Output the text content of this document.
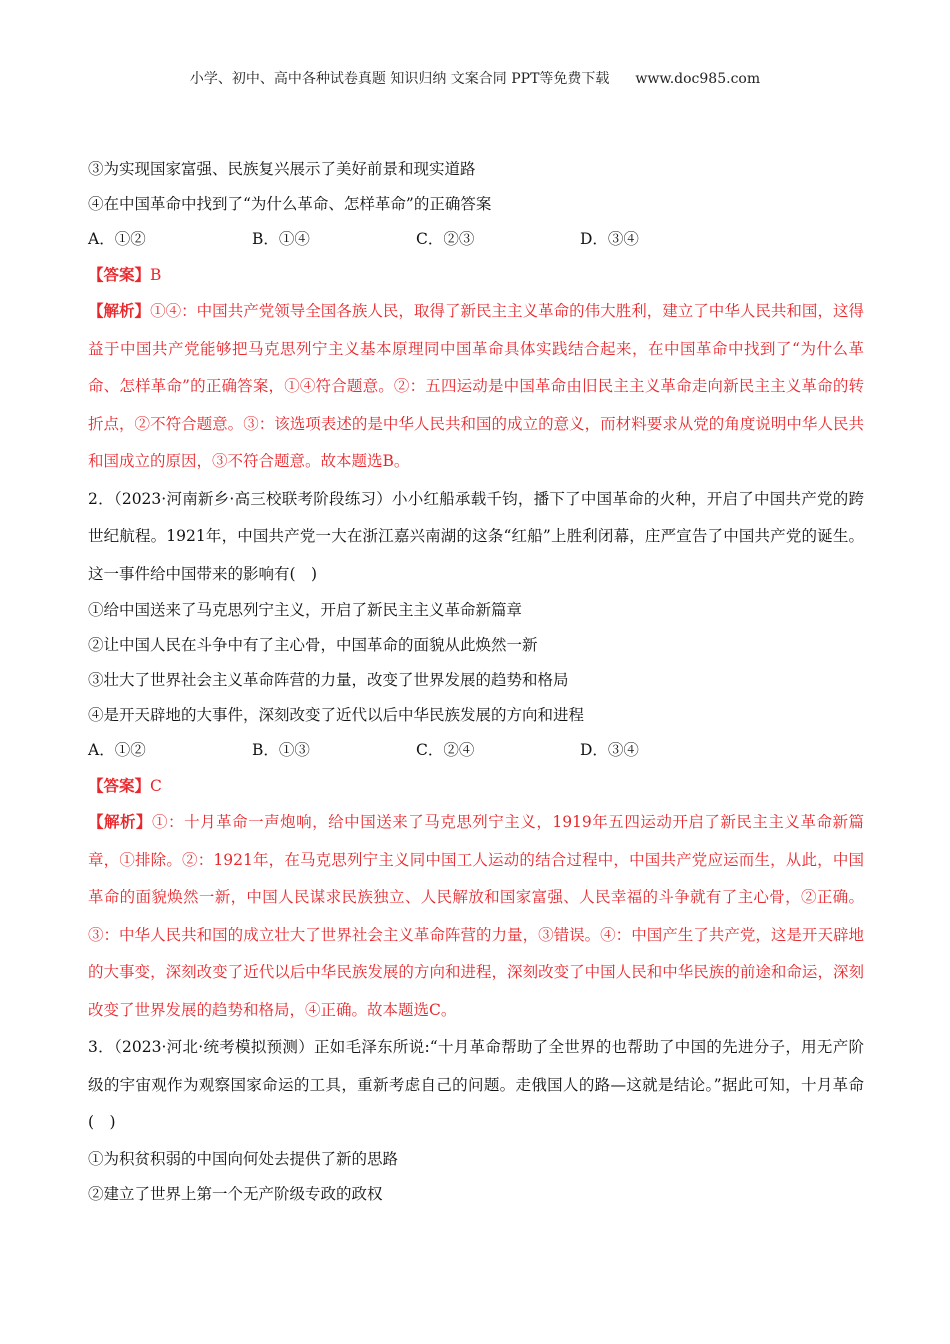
小学、初中、高中各种试卷真题 知识归纳 文案合同 PPT等免费下载 www.doc985.com
③为实现国家富强、民族复兴展示了美好前景和现实道路
④在中国革命中找到了“为什么革命、怎样革命”的正确答案
A．①②	B．①④	C．②③	D．③④
【答案】B
【解析】①④：中国共产党领导全国各族人民，取得了新民主主义革命的伟大胜利，建立了中华人民共和国，这得益于中国共产党能够把马克思列宁主义基本原理同中国革命具体实践结合起来，在中国革命中找到了“为什么革命、怎样革命”的正确答案，①④符合题意。②：五四运动是中国革命由旧民主主义革命走向新民主主义革命的转折点，②不符合题意。③：该选项表述的是中华人民共和国的成立的意义，而材料要求从党的角度说明中华人民共和国成立的原因，③不符合题意。故本题选B。
2．（2023·河南新乡·高三校联考阶段练习）小小红船承载千钧，播下了中国革命的火种，开启了中国共产党的跨世纪航程。1921年，中国共产党一大在浙江嘉兴南湖的这条“红船”上胜利闭幕，庄严宣告了中国共产党的诞生。这一事件给中国带来的影响有(　)
①给中国送来了马克思列宁主义，开启了新民主主义革命新篇章
②让中国人民在斗争中有了主心骨，中国革命的面貌从此焕然一新
③壮大了世界社会主义革命阵营的力量，改变了世界发展的趋势和格局
④是开天辟地的大事件，深刻改变了近代以后中华民族发展的方向和进程
A．①②	B．①③	C．②④	D．③④
【答案】C
【解析】①：十月革命一声炮响，给中国送来了马克思列宁主义，1919年五四运动开启了新民主主义革命新篇章，①排除。②：1921年，在马克思列宁主义同中国工人运动的结合过程中，中国共产党应运而生，从此，中国革命的面貌焕然一新，中国人民谋求民族独立、人民解放和国家富强、人民幸福的斗争就有了主心骨，②正确。③：中华人民共和国的成立壮大了世界社会主义革命阵营的力量，③错误。④：中国产生了共产党，这是开天辟地的大事变，深刻改变了近代以后中华民族发展的方向和进程，深刻改变了中国人民和中华民族的前途和命运，深刻改变了世界发展的趋势和格局，④正确。故本题选C。
3．（2023·河北·统考模拟预测）正如毛泽东所说:“十月革命帮助了全世界的也帮助了中国的先进分子，用无产阶级的宇宙观作为观察国家命运的工具，重新考虑自己的问题。走俄国人的路—这就是结论。”据此可知，十月革命(　)
①为积贫积弱的中国向何处去提供了新的思路
②建立了世界上第一个无产阶级专政的政权
